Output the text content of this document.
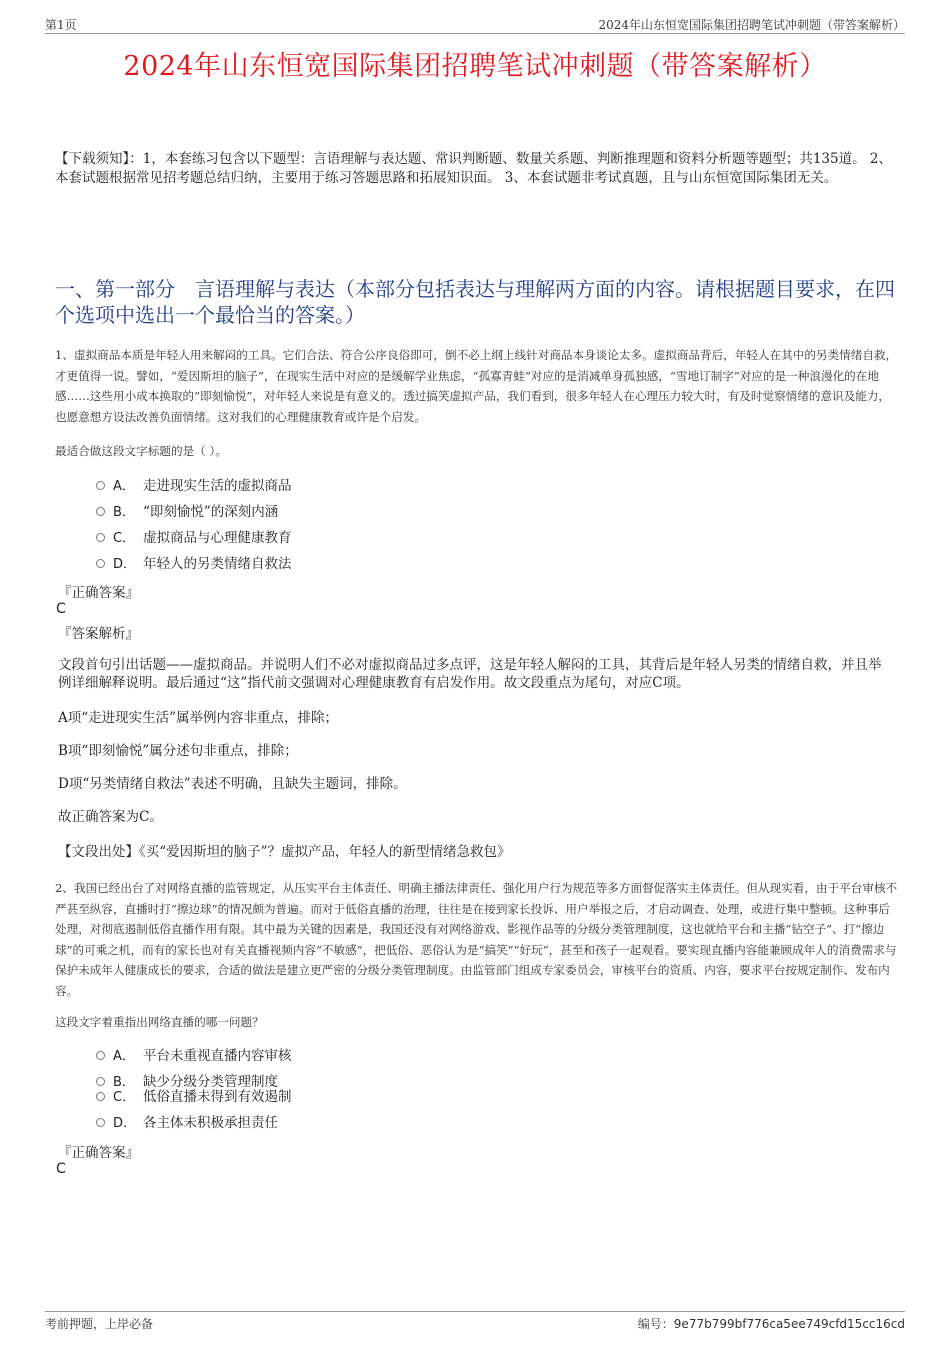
第1页	2024年山东恒宽国际集团招聘笔试冲刺题（带答案解析）
2024年山东恒宽国际集团招聘笔试冲刺题（带答案解析）
【下载须知】：1，本套练习包含以下题型：言语理解与表达题、常识判断题、数量关系题、判断推理题和资料分析题等题型；共135道。 2、本套试题根据常见招考题总结归纳，主要用于练习答题思路和拓展知识面。 3、本套试题非考试真题，且与山东恒宽国际集团无关。
一、第一部分　言语理解与表达（本部分包括表达与理解两方面的内容。请根据题目要求，在四个选项中选出一个最恰当的答案。）
1、虚拟商品本质是年轻人用来解闷的工具。它们合法、符合公序良俗即可，倒不必上纲上线针对商品本身谈论太多。虚拟商品背后，年轻人在其中的另类情绪自救，才更值得一说。譬如，“爱因斯坦的脑子”，在现实生活中对应的是缓解学业焦虑，“孤寡青蛙”对应的是消减单身孤独感，“雪地订制字”对应的是一种浪漫化的在地感……这些用小成本换取的“即刻愉悦”，对年轻人来说是有意义的。透过搞笑虚拟产品，我们看到，很多年轻人在心理压力较大时，有及时觉察情绪的意识及能力，也愿意想方设法改善负面情绪。这对我们的心理健康教育或许是个启发。
最适合做这段文字标题的是（ ）。
A． 走进现实生活的虚拟商品
B． “即刻愉悦”的深刻内涵
C． 虚拟商品与心理健康教育
D． 年轻人的另类情绪自救法
『正确答案』
C
『答案解析』
文段首句引出话题——虚拟商品。并说明人们不必对虚拟商品过多点评，这是年轻人解闷的工具，其背后是年轻人另类的情绪自救，并且举例详细解释说明。最后通过“这”指代前文强调对心理健康教育有启发作用。故文段重点为尾句，对应C项。
A项“走进现实生活”属举例内容非重点，排除；
B项“即刻愉悦”属分述句非重点，排除；
D项“另类情绪自救法”表述不明确，且缺失主题词，排除。
故正确答案为C。
【文段出处】《买“爱因斯坦的脑子”？虚拟产品，年轻人的新型情绪急救包》
2、我国已经出台了对网络直播的监管规定，从压实平台主体责任、明确主播法律责任、强化用户行为规范等多方面督促落实主体责任。但从现实看，由于平台审核不严甚至纵容，直播时打“擦边球”的情况颇为普遍。而对于低俗直播的治理，往往是在接到家长投诉、用户举报之后，才启动调查、处理，或进行集中整顿。这种事后处理，对彻底遏制低俗直播作用有限。其中最为关键的因素是，我国还没有对网络游戏、影视作品等的分级分类管理制度，这也就给平台和主播“钻空子”、打“擦边球”的可乘之机，而有的家长也对有关直播视频内容“不敏感”，把低俗、恶俗认为是“搞笑”“好玩”，甚至和孩子一起观看。要实现直播内容能兼顾成年人的消费需求与保护未成年人健康成长的要求，合适的做法是建立更严密的分级分类管理制度。由监管部门组成专家委员会，审核平台的资质、内容，要求平台按规定制作、发布内容。
这段文字着重指出网络直播的哪一问题？
A． 平台未重视直播内容审核
B． 缺少分级分类管理制度
C． 低俗直播未得到有效遏制
D． 各主体未积极承担责任
『正确答案』
C
考前押题，上岸必备	编号：9e77b799bf776ca5ee749cfd15cc16cd
